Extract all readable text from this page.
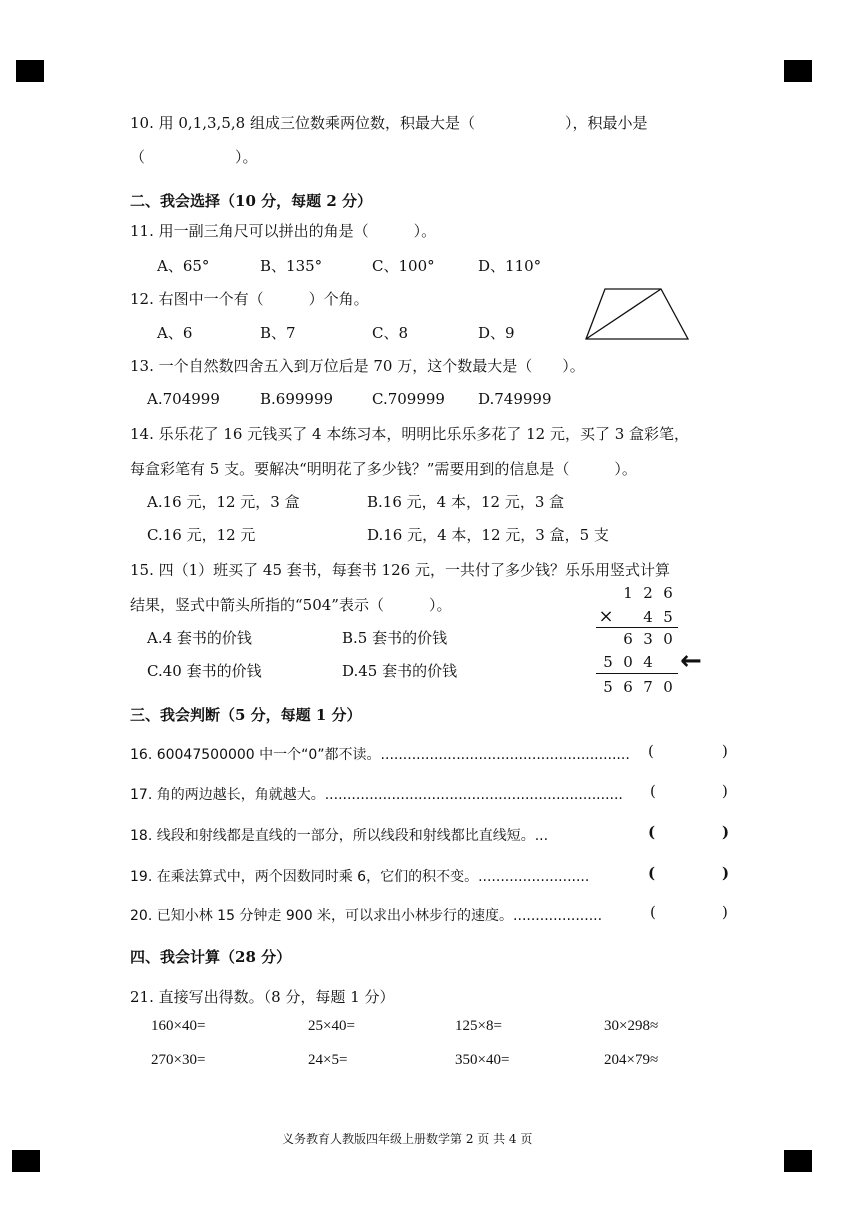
10. 用 0,1,3,5,8 组成三位数乘两位数，积最大是（　　　　　　），积最小是
（　　　　　　）。
二、我会选择（10 分，每题 2 分）
11. 用一副三角尺可以拼出的角是（　　　）。
A、65°	B、135°	C、100°	D、110°
12. 右图中一个有（　　　）个角。
A、6	B、7	C、8	D、9
13. 一个自然数四舍五入到万位后是 70 万，这个数最大是（　　）。
A.704999	B.699999	C.709999 D.749999
14. 乐乐花了 16 元钱买了 4 本练习本，明明比乐乐多花了 12 元，买了 3 盒彩笔，
每盒彩笔有 5 支。要解决“明明花了多少钱？”需要用到的信息是（　　　）。
A.16 元，12 元，3 盒	B.16 元，4 本，12 元，3 盒
C.16 元，12 元	D.16 元，4 本，12 元，3 盒，5 支
15. 四（1）班买了 45 套书，每套书 126 元，一共付了多少钱？乐乐用竖式计算
结果，竖式中箭头所指的“504”表示（　　　）。
A.4 套书的价钱	B.5 套书的价钱
C.40 套书的价钱	D.45 套书的价钱
1 2 6
× 4 5
6 3 0
5 0 4
5 6 7 0
←
三、我会判断（5 分，每题 1 分）
16. 60047500000 中一个“0”都不读。........................................................ (	)
17. 角的两边越长，角就越大。................................................................... (	)
18. 线段和射线都是直线的一部分，所以线段和射线都比直线短。...	(	)
19. 在乘法算式中，两个因数同时乘 6，它们的积不变。.........................	(	)
20. 已知小林 15 分钟走 900 米，可以求出小林步行的速度。....................	(	)
四、我会计算（28 分）
21. 直接写出得数。（8 分，每题 1 分）
160×40=	25×40=	125×8=	30×298≈
270×30=	24×5=	350×40=	204×79≈
义务教育人教版四年级上册数学第 2 页 共 4 页
